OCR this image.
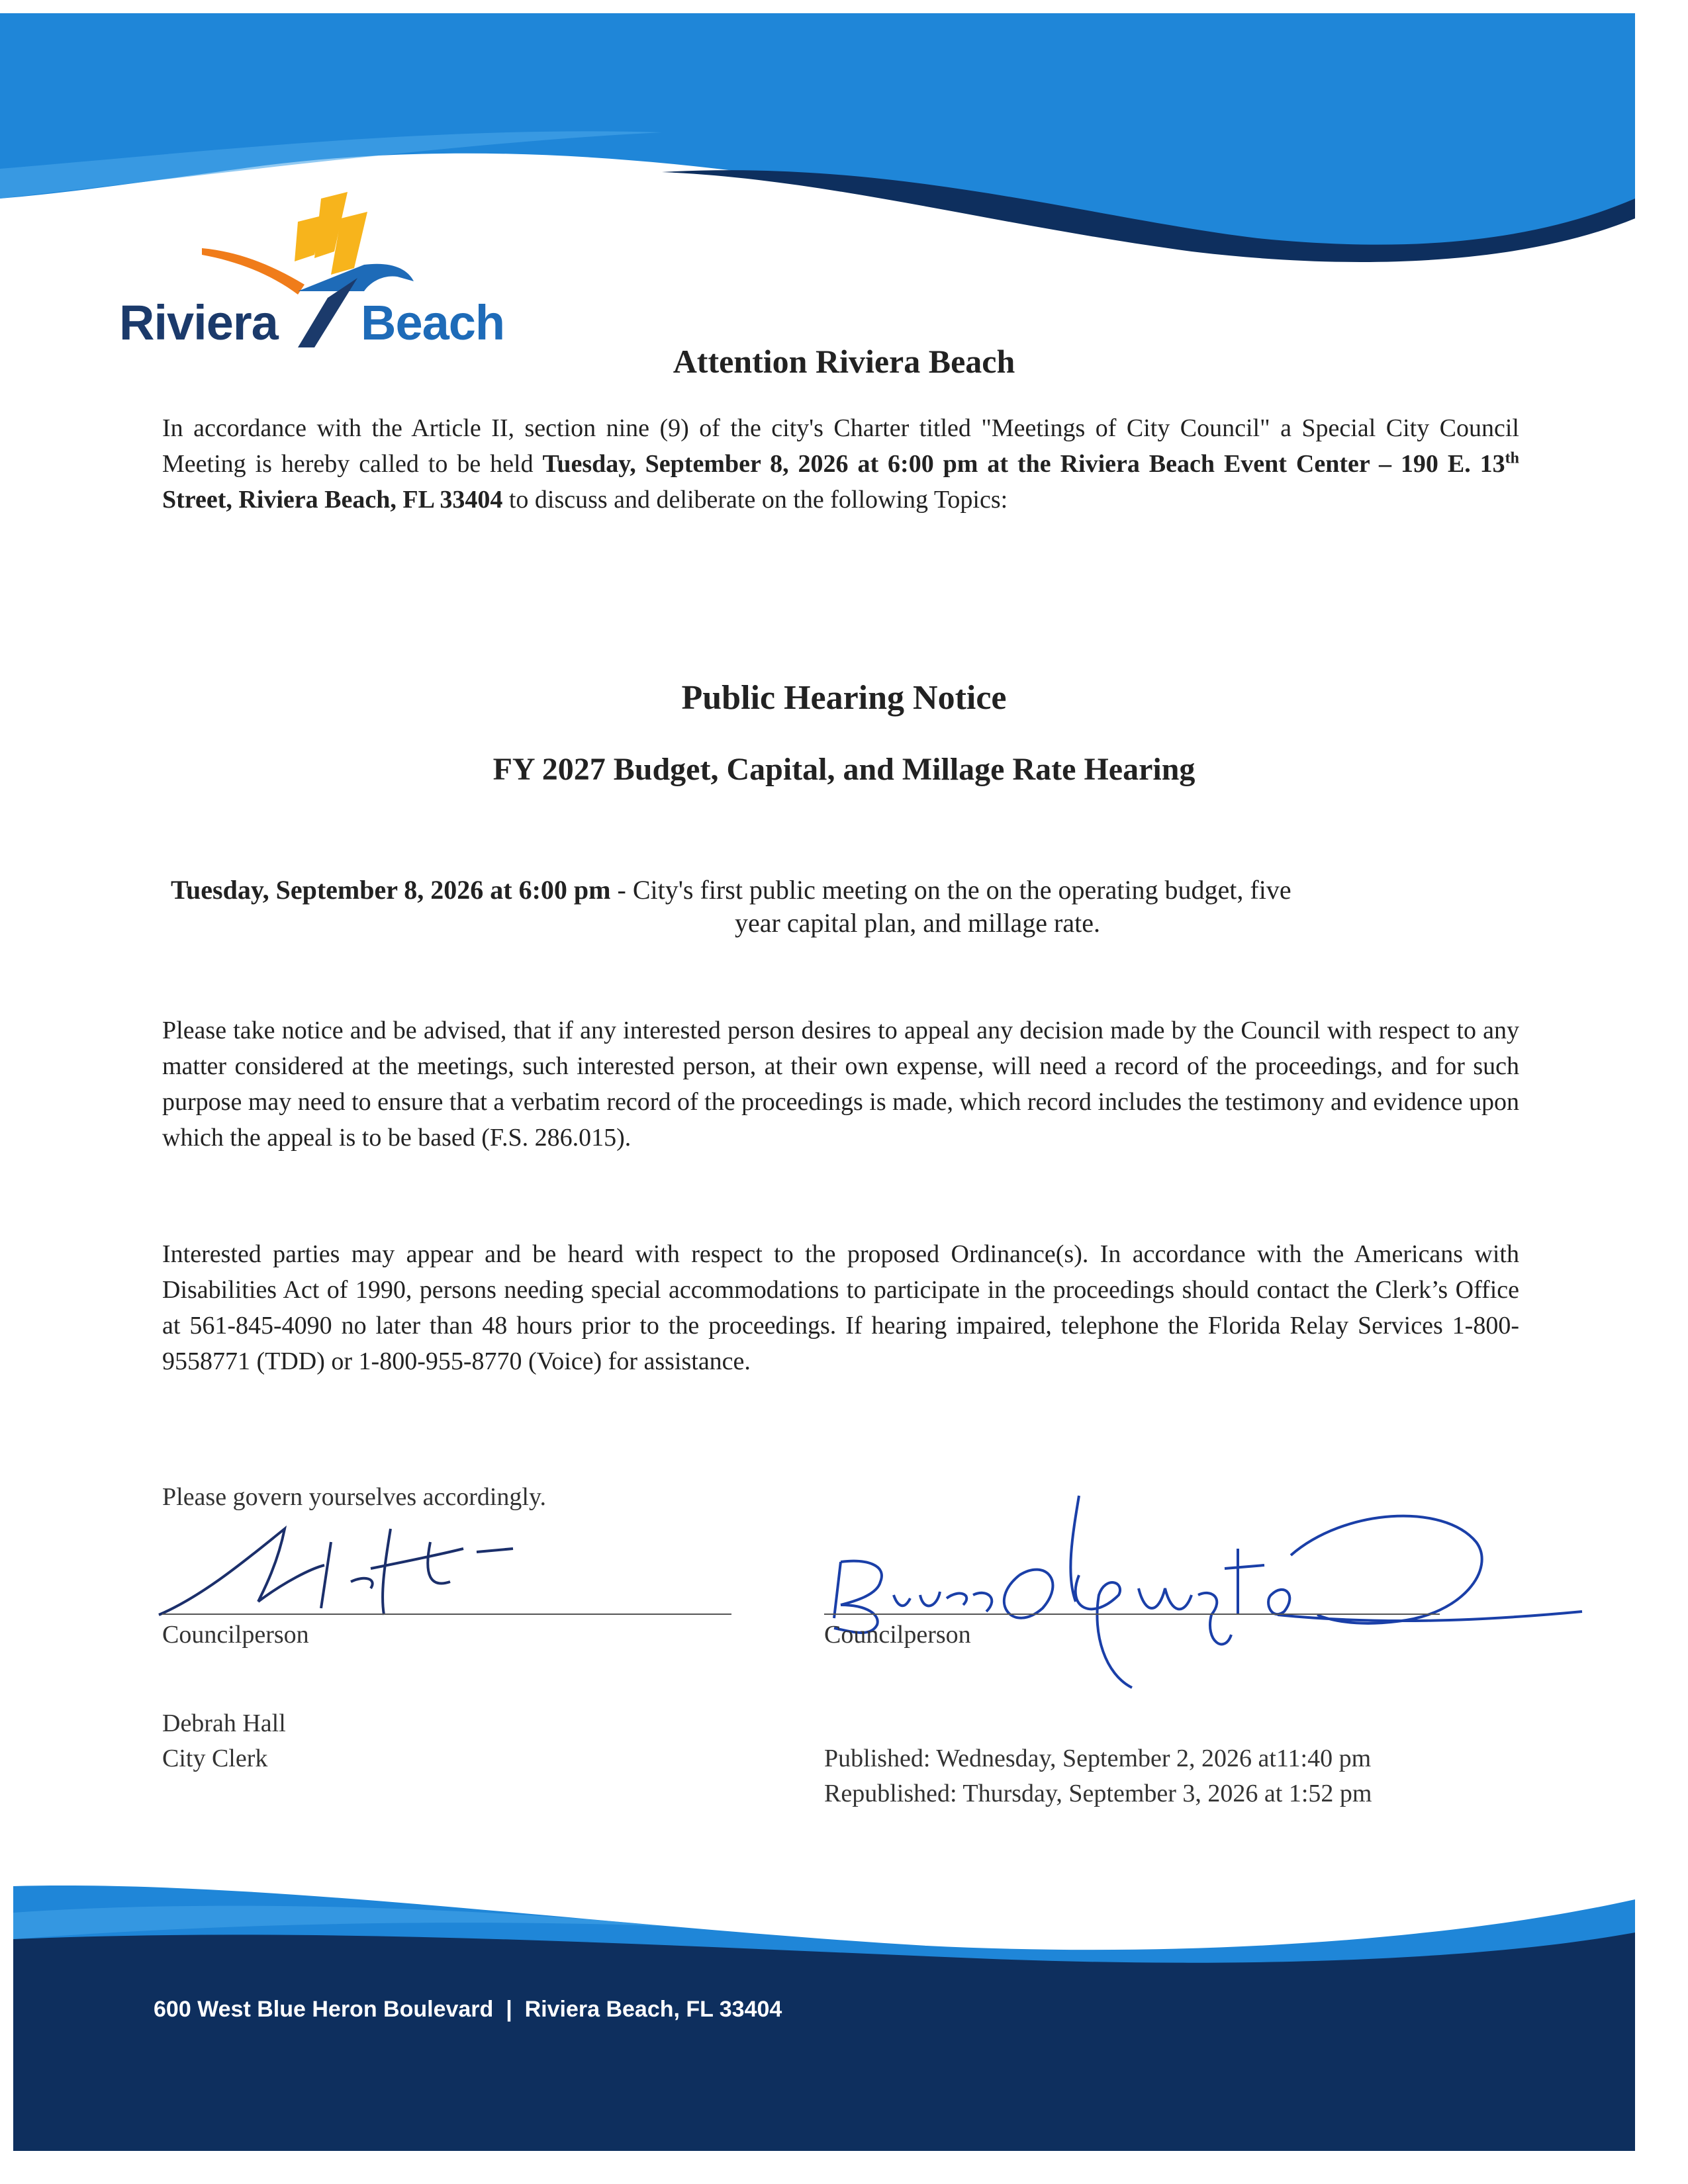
Riviera Beach
Attention Riviera Beach
In accordance with the Article II, section nine (9) of the city's Charter titled "Meetings of City Council" a Special City Council Meeting is hereby called to be held Tuesday, September 8, 2026 at 6:00 pm at the Riviera Beach Event Center – 190 E. 13th Street, Riviera Beach, FL 33404 to discuss and deliberate on the following Topics:
Public Hearing Notice
FY 2027 Budget, Capital, and Millage Rate Hearing
Tuesday, September 8, 2026 at 6:00 pm - City's first public meeting on the on the operating budget, five
year capital plan, and millage rate.
Please take notice and be advised, that if any interested person desires to appeal any decision made by the Council with respect to any matter considered at the meetings, such interested person, at their own expense, will need a record of the proceedings, and for such purpose may need to ensure that a verbatim record of the proceedings is made, which record includes the testimony and evidence upon which the appeal is to be based (F.S. 286.015).
Interested parties may appear and be heard with respect to the proposed Ordinance(s). In accordance with the Americans with Disabilities Act of 1990, persons needing special accommodations to participate in the proceedings should contact the Clerk’s Office at 561-845-4090 no later than 48 hours prior to the proceedings. If hearing impaired, telephone the Florida Relay Services 1-800-9558771 (TDD) or 1-800-955-8770 (Voice) for assistance.
Please govern yourselves accordingly.
Councilperson	Councilperson
Debrah Hall
City Clerk	Published: Wednesday, September 2, 2026 at11:40 pm
Republished: Thursday, September 3, 2026 at 1:52 pm
600 West Blue Heron Boulevard  |  Riviera Beach, FL 33404
